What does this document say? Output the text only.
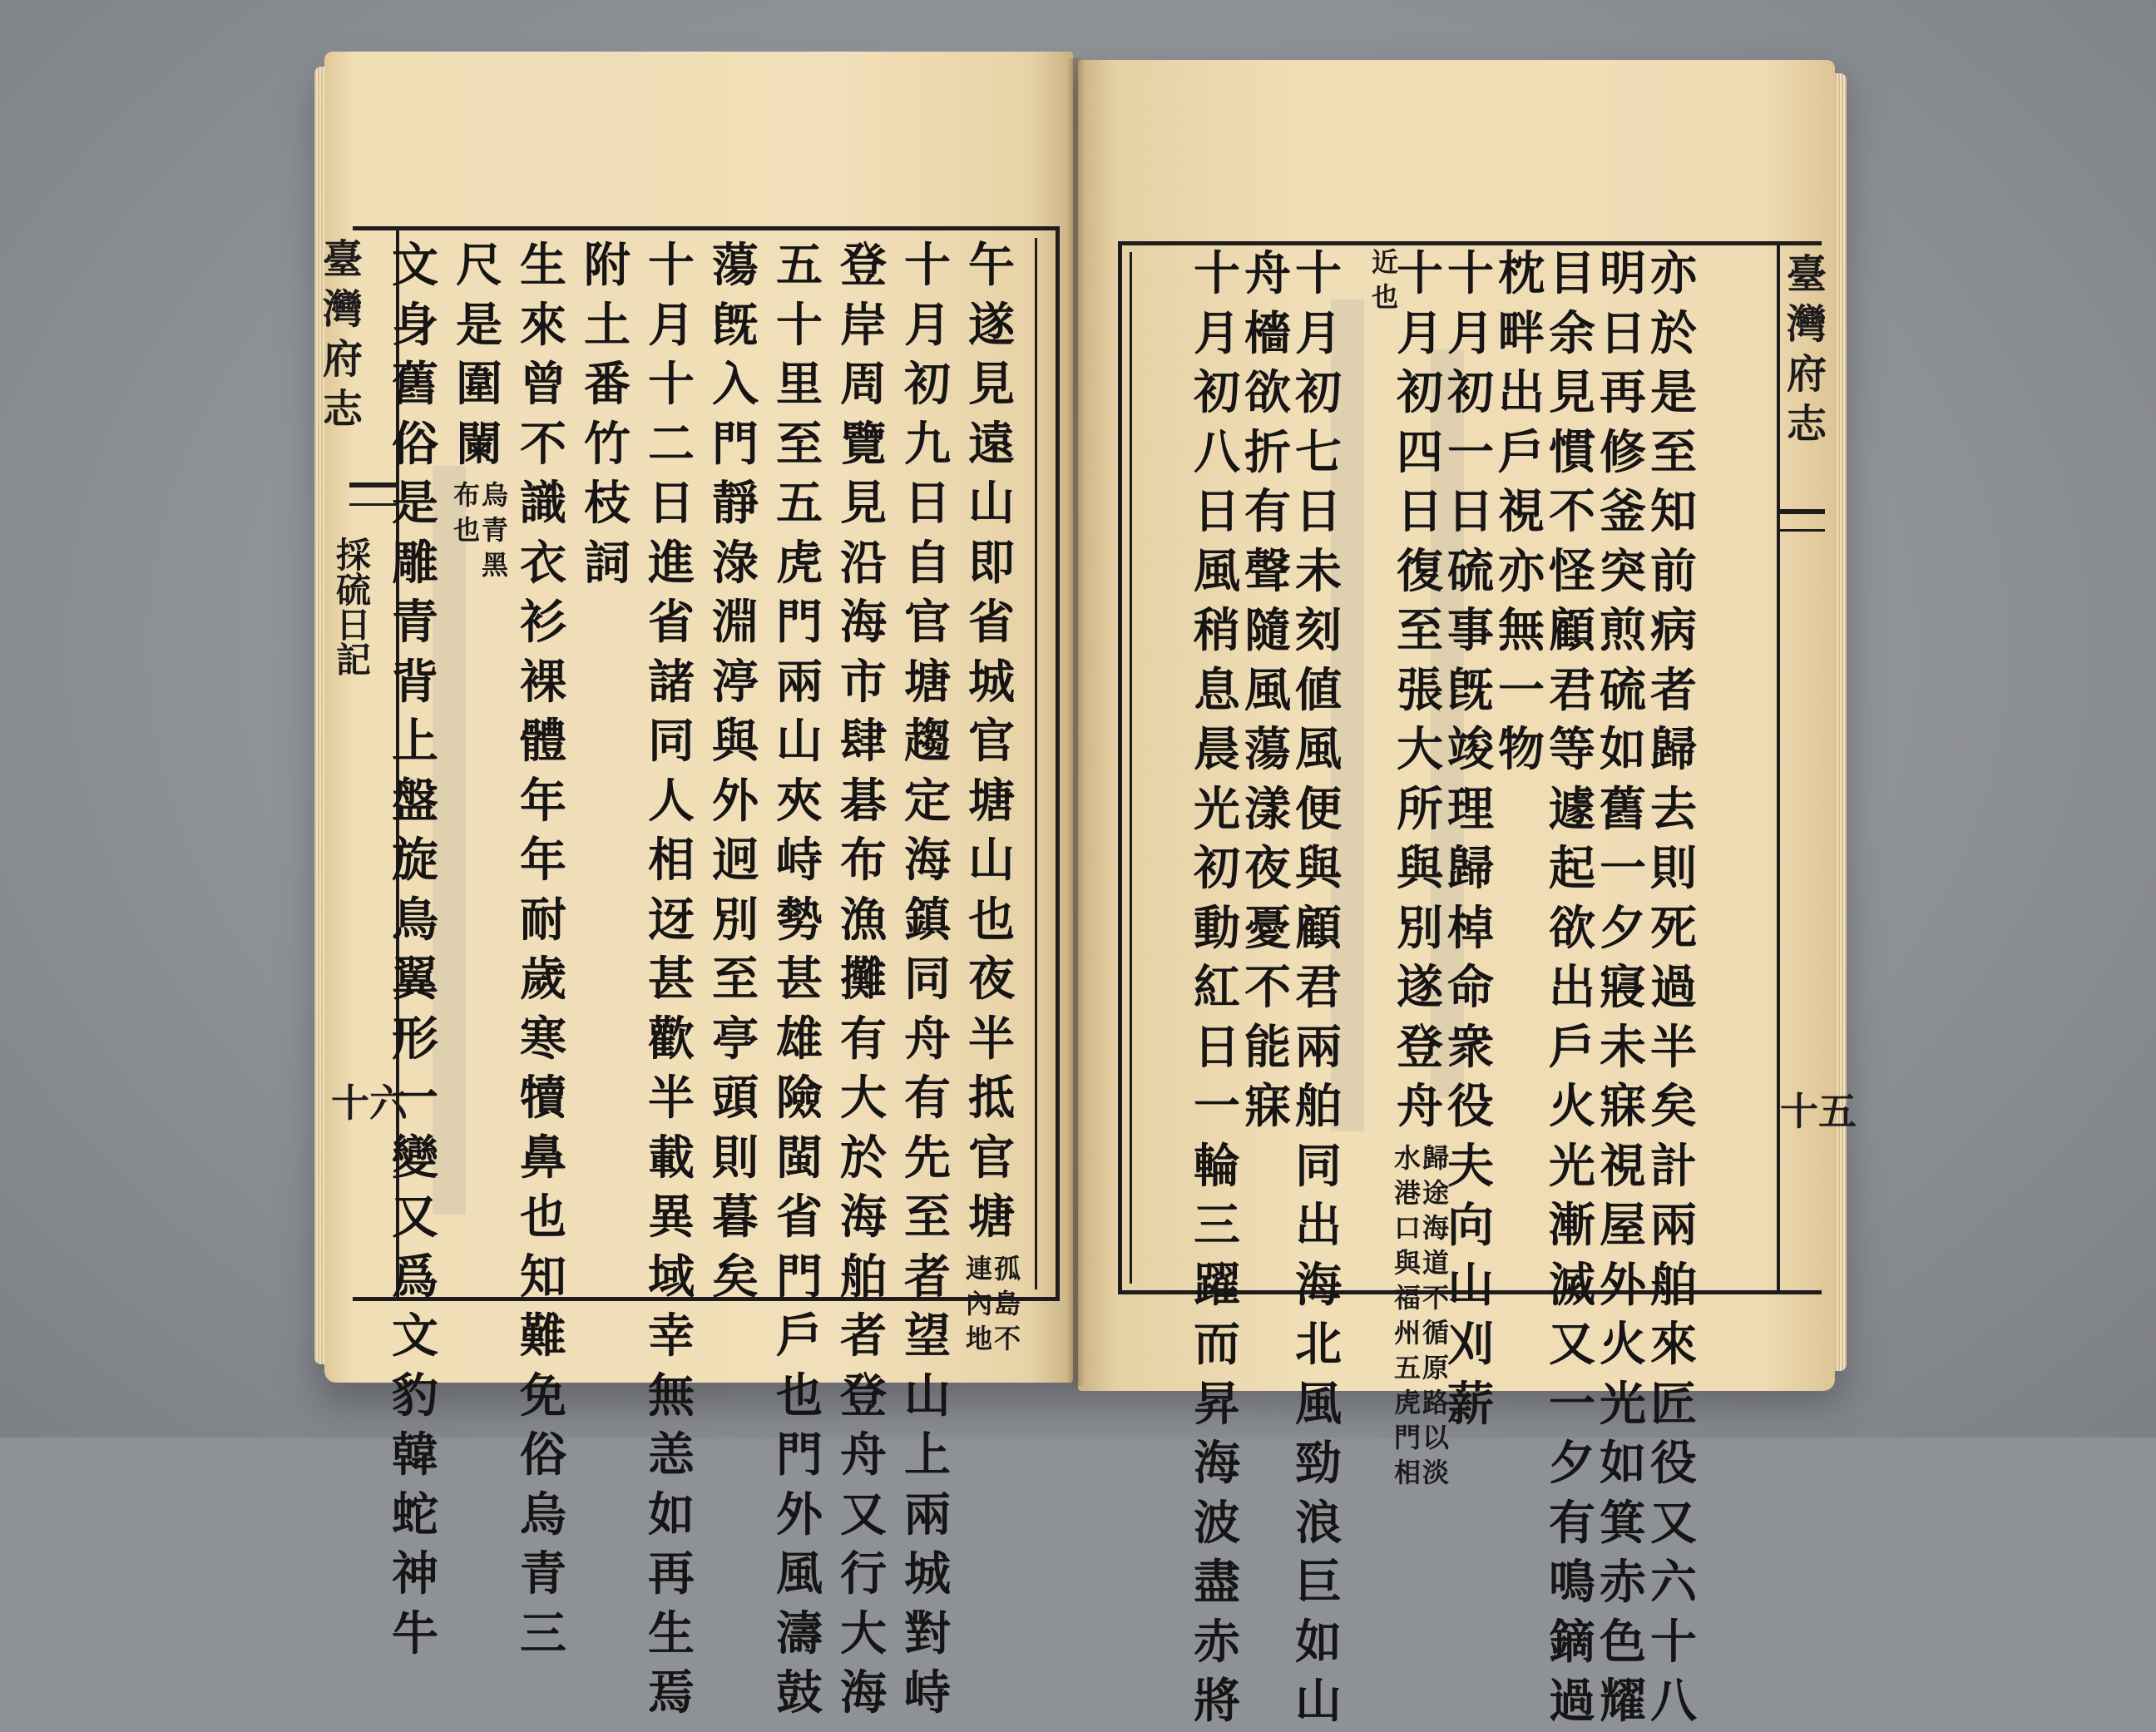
臺
灣
府
志
採
硫
日
記
十六
臺
灣
府
志
十五
午
遂
見
遠
山
即
省
城
官
塘
山
也
夜
半
抵
官
塘
孤
島
不
連
內
地
十
月
初
九
日
自
官
塘
趨
定
海
鎮
同
舟
有
先
至
者
望
山
上
兩
城
對
峙
登
岸
周
覽
見
沿
海
市
肆
碁
布
漁
攤
有
大
於
海
舶
者
登
舟
又
行
大
海
五
十
里
至
五
虎
門
兩
山
夾
峙
勢
甚
雄
險
閩
省
門
戶
也
門
外
風
濤
鼓
蕩
旣
入
門
靜
淥
淵
渟
與
外
迥
別
至
亭
頭
則
暮
矣
十
月
十
二
日
進
省
諸
同
人
相
迓
甚
歡
半
載
異
域
幸
無
恙
如
再
生
焉
附
土
番
竹
枝
詞
生
來
曾
不
識
衣
衫
裸
體
年
年
耐
歲
寒
犢
鼻
也
知
難
免
俗
烏
青
三
尺
是
圍
闌
烏
青
黑
布
也
文
身
舊
俗
是
雕
青
背
上
盤
旋
鳥
翼
形
一
變
又
爲
文
豹
韓
蛇
神
牛
亦
於
是
至
知
前
病
者
歸
去
則
死
過
半
矣
計
兩
舶
來
匠
役
又
六
十
八
明
日
再
修
釜
突
煎
硫
如
舊
一
夕
寢
未
寐
視
屋
外
火
光
如
箕
赤
色
耀
目
余
見
慣
不
怪
顧
君
等
遽
起
欲
出
戶
火
光
漸
滅
又
一
夕
有
鳴
鏑
過
枕
畔
出
戶
視
亦
無
一
物
十
月
初
一
日
硫
事
旣
竣
理
歸
棹
命
衆
役
夫
向
山
刈
薪
十
月
初
四
日
復
至
張
大
所
與
別
遂
登
舟
歸
途
海
道
不
循
原
路
以
淡
水
港
口
與
福
州
五
虎
門
相
近
也
十
月
初
七
日
未
刻
値
風
便
與
顧
君
兩
舶
同
出
海
北
風
勁
浪
巨
如
山
舟
檣
欲
折
有
聲
隨
風
蕩
漾
夜
憂
不
能
寐
十
月
初
八
日
風
稍
息
晨
光
初
動
紅
日
一
輪
三
躍
而
昇
海
波
盡
赤
將
